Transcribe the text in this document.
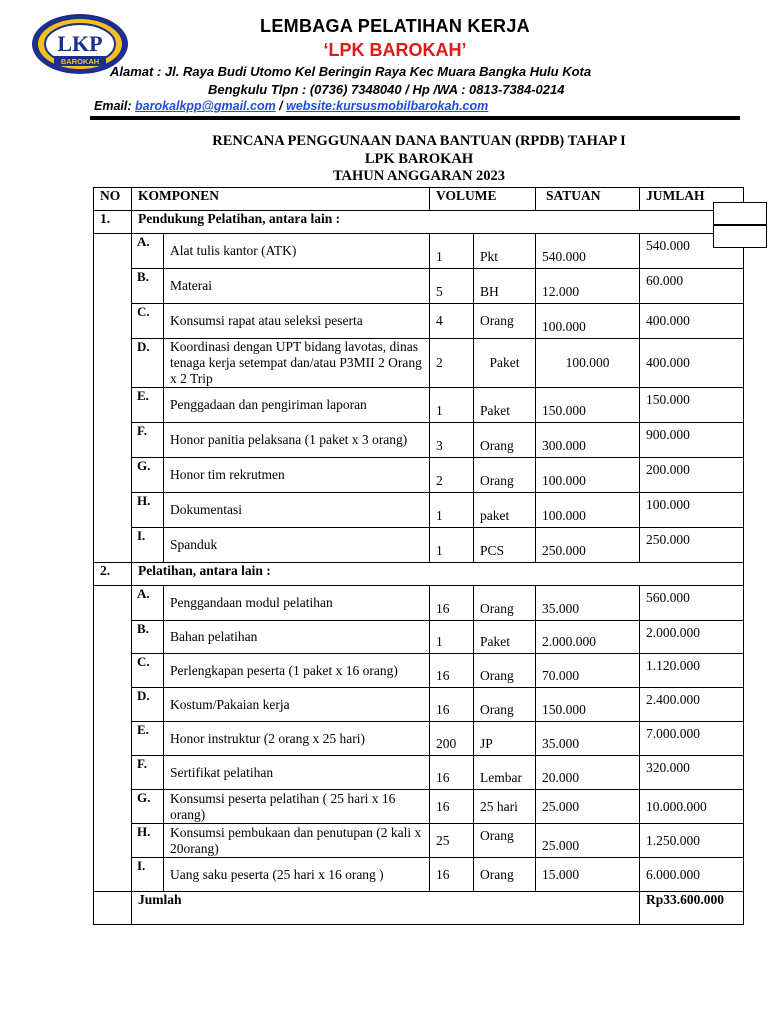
LKP
BAROKAH
LEMBAGA PELATIHAN KERJA
‘LPK BAROKAH’
Alamat : Jl. Raya Budi Utomo Kel Beringin Raya Kec Muara Bangka Hulu Kota
Bengkulu Tlpn : (0736) 7348040 / Hp /WA : 0813-7384-0214
Email: barokalkpp@gmail.com / website:kursusmobilbarokah.com
RENCANA PENGGUNAAN DANA BANTUAN (RPDB) TAHAP I
LPK BAROKAH
TAHUN ANGGARAN 2023
NO	KOMPONEN		VOLUME		SATUAN	JUMLAH
1.	Pendukung Pelatihan, antara lain :					
	A.	Alat tulis kantor (ATK)	1	Pkt	540.000	540.000
	B.	Materai	5	BH	12.000	60.000
	C.	Konsumsi rapat atau seleksi peserta	4	Orang	100.000	400.000
	D.	Koordinasi dengan UPT bidang lavotas, dinas tenaga kerja setempat dan/atau P3MII 2 Orang x 2 Trip	2	Paket	100.000	400.000
	E.	Penggadaan dan pengiriman laporan	1	Paket	150.000	150.000
	F.	Honor panitia pelaksana (1 paket x 3 orang)	3	Orang	300.000	900.000
	G.	Honor tim rekrutmen	2	Orang	100.000	200.000
	H.	Dokumentasi	1	paket	100.000	100.000
	I.	Spanduk	1	PCS	250.000	250.000
2.	Pelatihan, antara lain :					
	A.	Penggandaan modul pelatihan	16	Orang	35.000	560.000
	B.	Bahan pelatihan	1	Paket	2.000.000	2.000.000
	C.	Perlengkapan peserta (1 paket x 16 orang)	16	Orang	70.000	1.120.000
	D.	Kostum/Pakaian kerja	16	Orang	150.000	2.400.000
	E.	Honor instruktur (2 orang x 25 hari)	200	JP	35.000	7.000.000
	F.	Sertifikat pelatihan	16	Lembar	20.000	320.000
	G.	Konsumsi peserta pelatihan ( 25 hari x 16 orang)	16	25 hari	25.000	10.000.000
	H.	Konsumsi pembukaan dan penutupan (2 kali x 20orang)	25	Orang	25.000	1.250.000
	I.	Uang saku peserta (25 hari x 16 orang )	16	Orang	15.000	6.000.000
	Jumlah					Rp33.600.000
